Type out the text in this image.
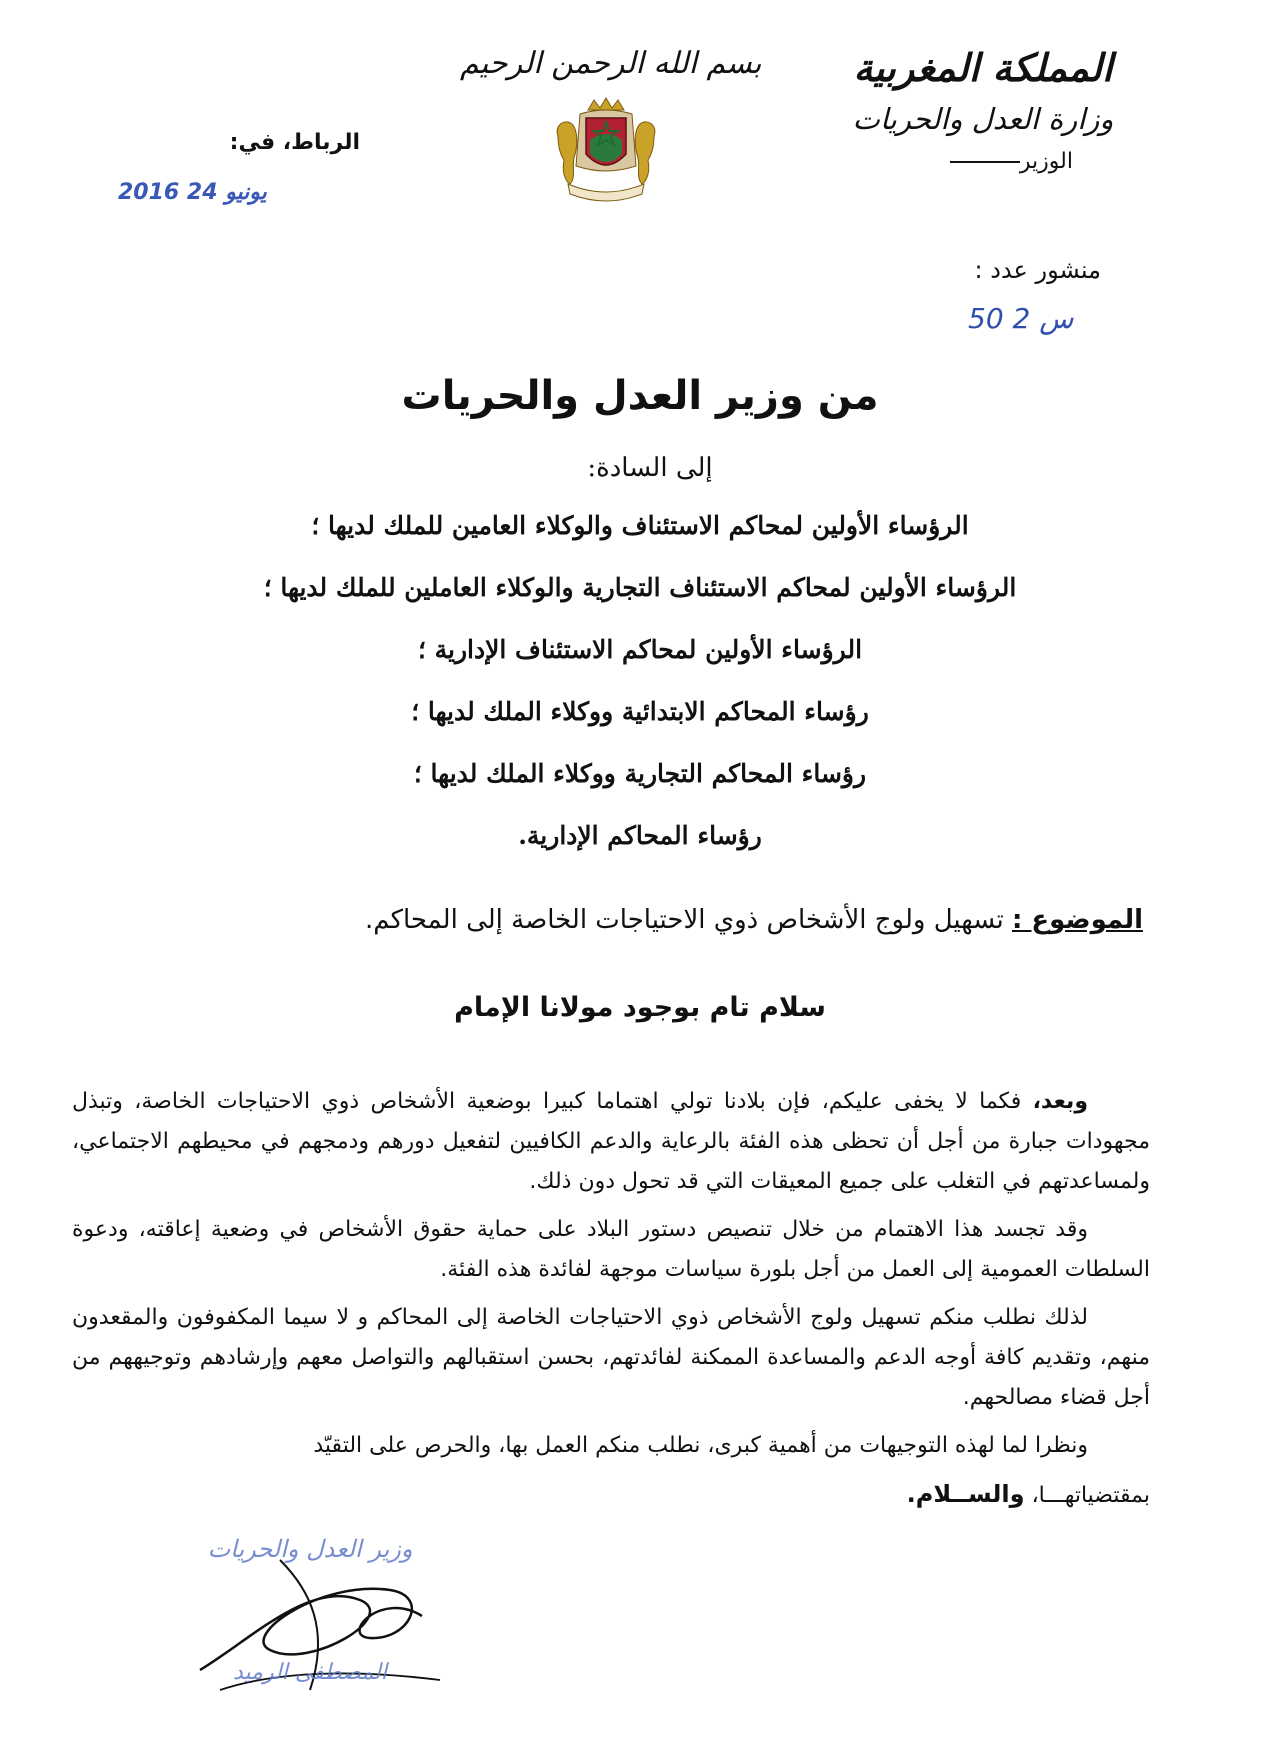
المملكة المغربية
وزارة العدل والحريات
الوزير
بسم الله الرحمن الرحيم
الرباط، في:
2016 يونيو 24
منشور عدد :
50 س 2
من وزير العدل والحريات
إلى السادة:
الرؤساء الأولين لمحاكم الاستئناف والوكلاء العامين للملك لديها ؛
الرؤساء الأولين لمحاكم الاستئناف التجارية والوكلاء العاملين للملك لديها ؛
الرؤساء الأولين لمحاكم الاستئناف الإدارية ؛
رؤساء المحاكم الابتدائية ووكلاء الملك لديها ؛
رؤساء المحاكم التجارية ووكلاء الملك لديها ؛
رؤساء المحاكم الإدارية.
الموضوع : تسهيل ولوج الأشخاص ذوي الاحتياجات الخاصة إلى المحاكم.
سلام تام بوجود مولانا الإمام

وبعد، فكما لا يخفى عليكم، فإن بلادنا تولي اهتماما كبيرا بوضعية الأشخاص ذوي الاحتياجات الخاصة، وتبذل مجهودات جبارة من أجل أن تحظى هذه الفئة بالرعاية والدعم الكافيين لتفعيل دورهم ودمجهم في محيطهم الاجتماعي، ولمساعدتهم في التغلب على جميع المعيقات التي قد تحول دون ذلك.

وقد تجسد هذا الاهتمام من خلال تنصيص دستور البلاد على حماية حقوق الأشخاص في وضعية إعاقته، ودعوة السلطات العمومية إلى العمل من أجل بلورة سياسات موجهة لفائدة هذه الفئة.

لذلك نطلب منكم تسهيل ولوج الأشخاص ذوي الاحتياجات الخاصة إلى المحاكم و لا سيما المكفوفون والمقعدون منهم، وتقديم كافة أوجه الدعم والمساعدة الممكنة لفائدتهم، بحسن استقبالهم والتواصل معهم وإرشادهم وتوجيههم من أجل قضاء مصالحهم.

ونظرا لما لهذه التوجيهات من أهمية كبرى، نطلب منكم العمل بها، والحرص على التقيّد

بمقتضياتهـــا، والســلام.

وزير العدل والحريات
المصطفى الرميد
